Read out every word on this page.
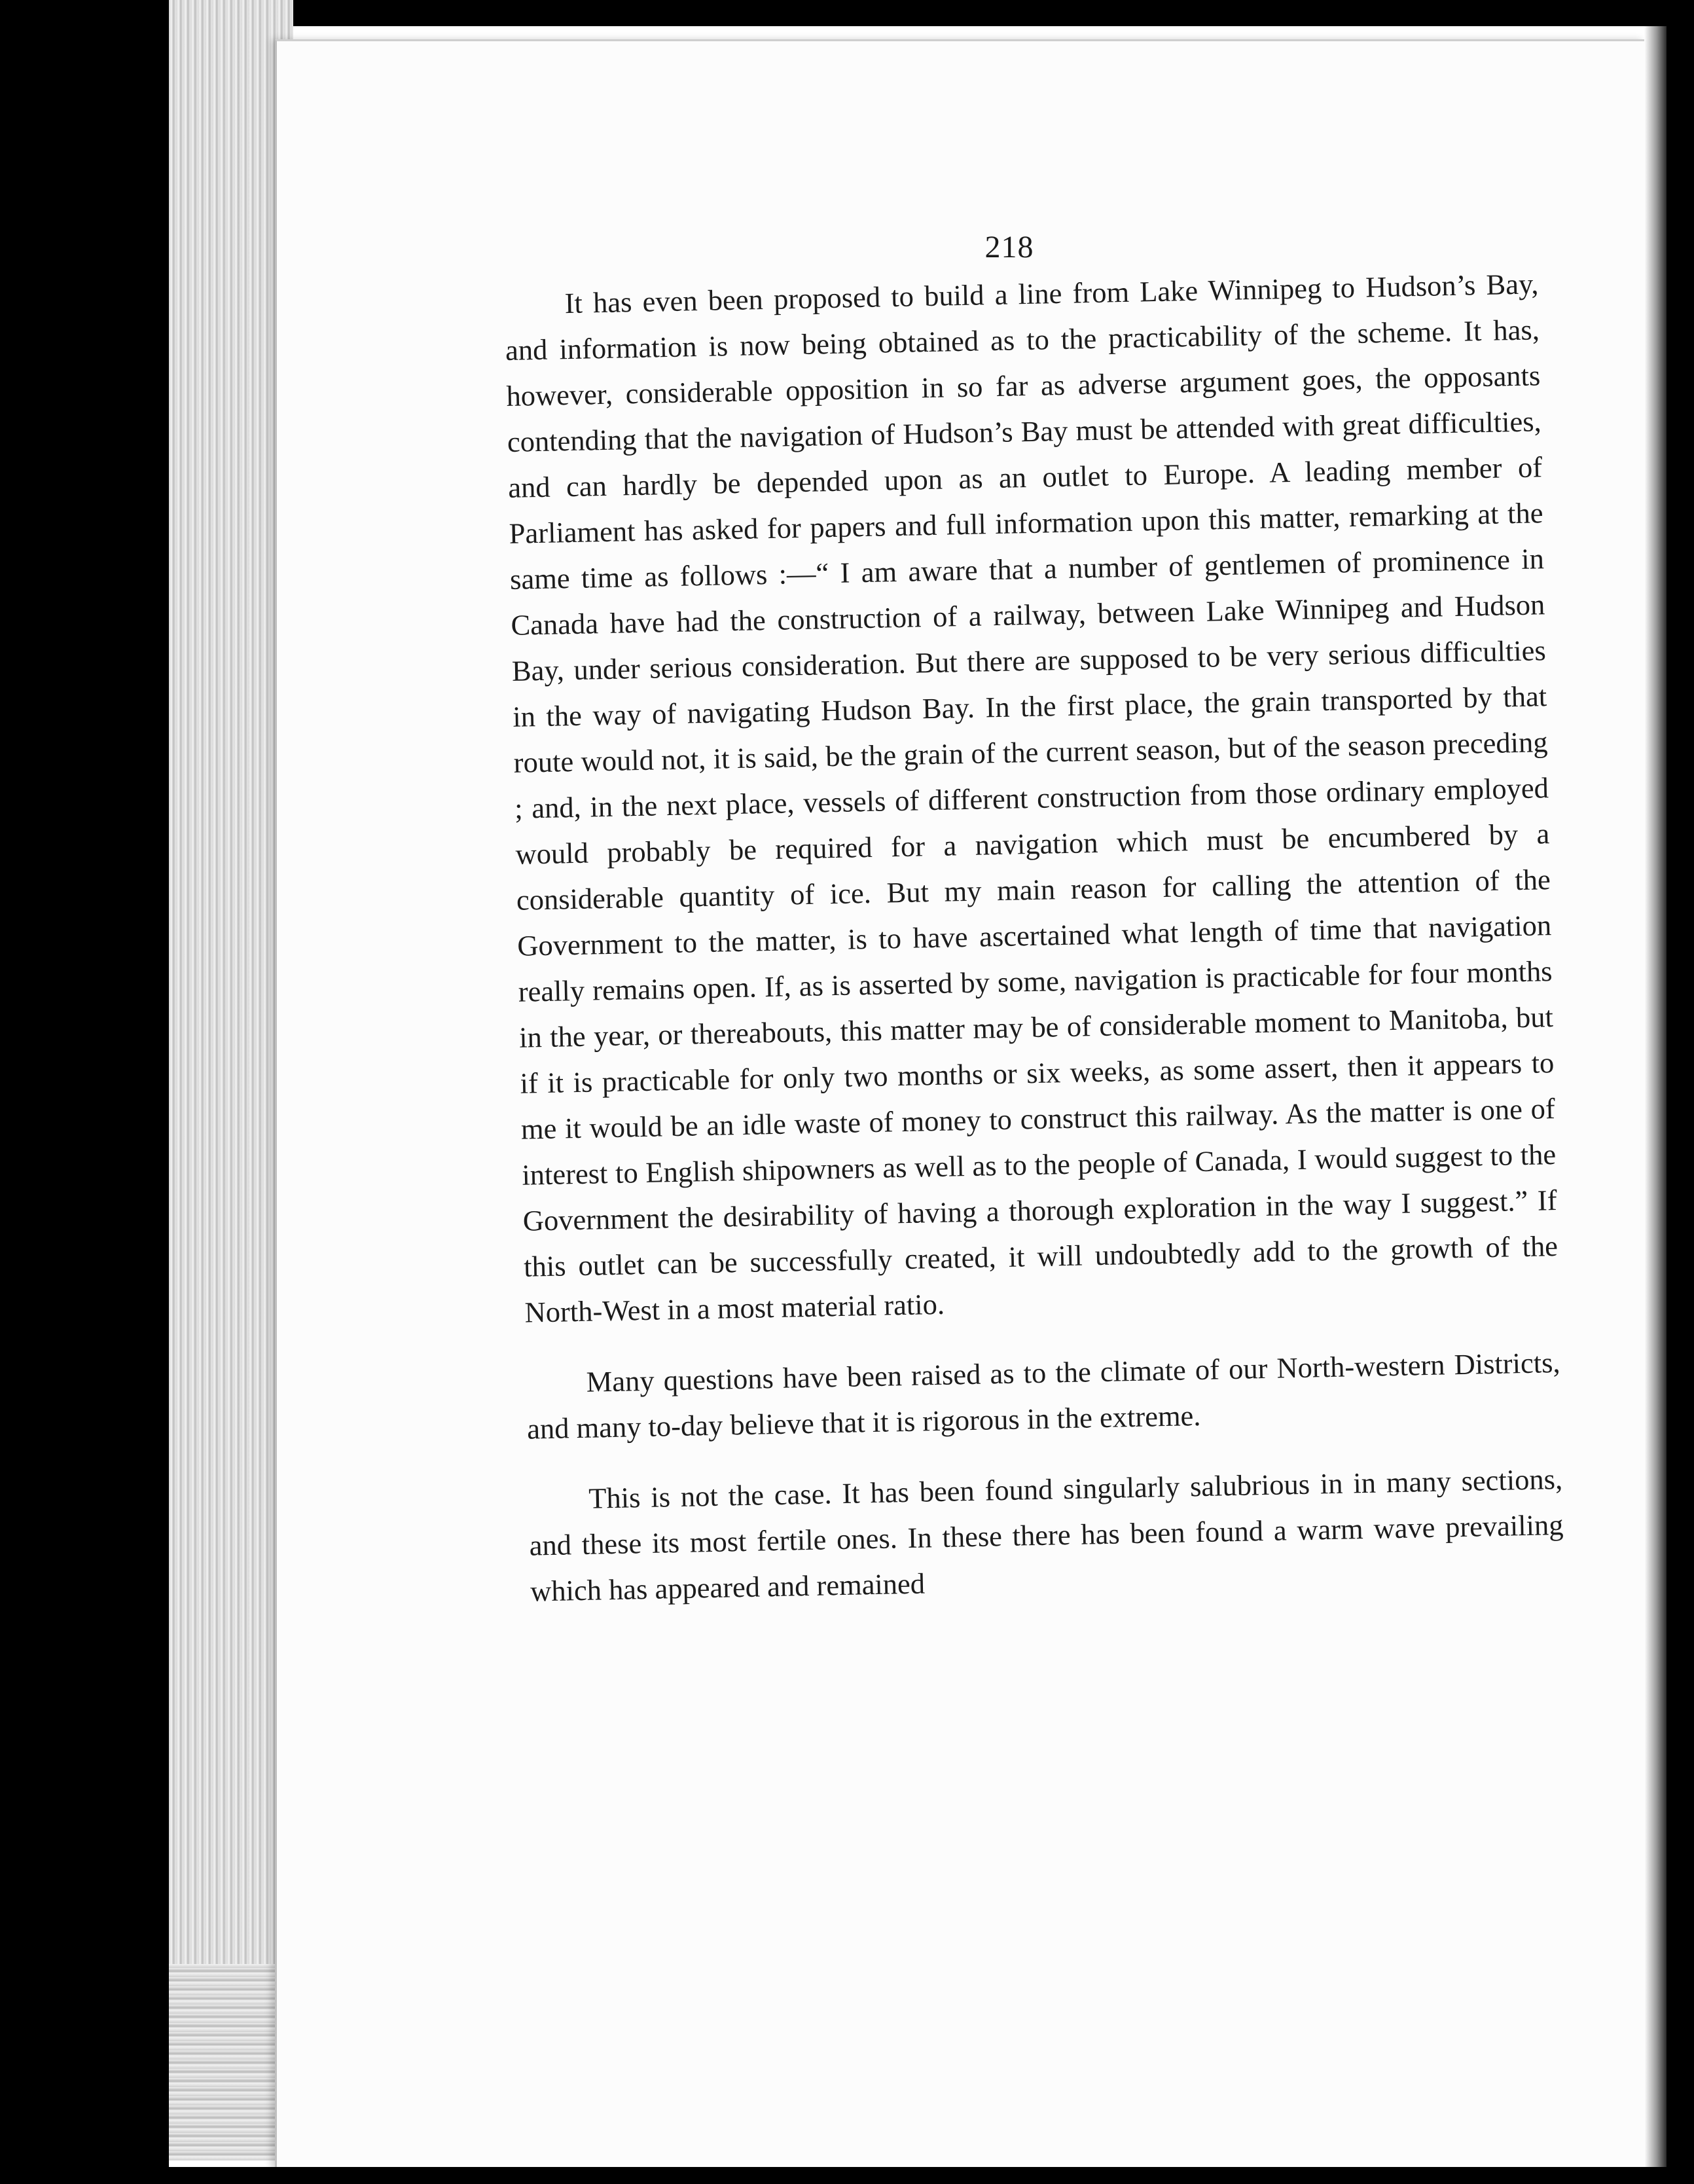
218

It has even been proposed to build a line from Lake Winnipeg to Hudson’s Bay, and information is now being obtained as to the practicability of the scheme. It has, however, considerable opposition in so far as adverse argument goes, the opposants contending that the navigation of Hudson’s Bay must be attended with great difficulties, and can hardly be depended upon as an outlet to Europe. A leading member of Parliament has asked for papers and full information upon this matter, remarking at the same time as follows :—“ I am aware that a number of gentlemen of prominence in Canada have had the construction of a railway, between Lake Winnipeg and Hudson Bay, under serious consideration. But there are supposed to be very serious difficulties in the way of navigating Hudson Bay. In the first place, the grain transported by that route would not, it is said, be the grain of the current season, but of the season preceding ; and, in the next place, vessels of different construction from those ordinary employed would probably be required for a navigation which must be encumbered by a considerable quantity of ice. But my main reason for calling the attention of the Government to the matter, is to have ascertained what length of time that navigation really remains open. If, as is asserted by some, navigation is practicable for four months in the year, or thereabouts, this matter may be of considerable moment to Manitoba, but if it is practicable for only two months or six weeks, as some assert, then it appears to me it would be an idle waste of money to construct this railway. As the matter is one of interest to English shipowners as well as to the people of Canada, I would suggest to the Government the desirability of having a thorough exploration in the way I suggest.” If this outlet can be successfully created, it will undoubtedly add to the growth of the North-West in a most material ratio.

Many questions have been raised as to the climate of our North-western Districts, and many to-day believe that it is rigorous in the extreme.

This is not the case. It has been found singularly salubrious in in many sections, and these its most fertile ones. In these there has been found a warm wave prevailing which has appeared and remained
